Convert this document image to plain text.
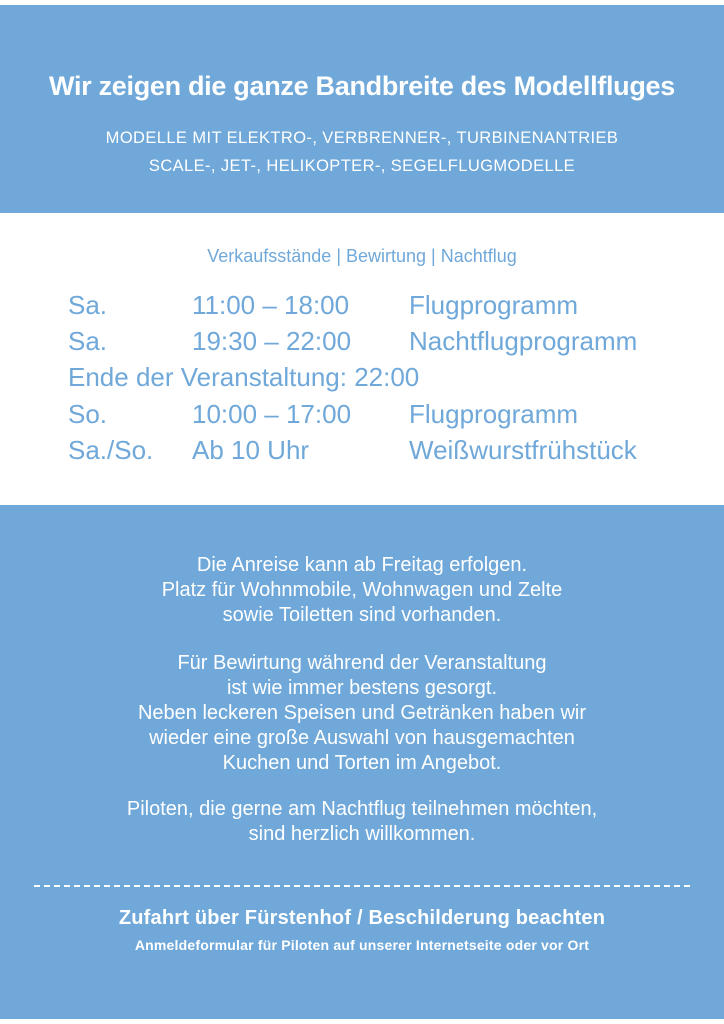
Wir zeigen die ganze Bandbreite des Modellfluges
MODELLE MIT ELEKTRO-, VERBRENNER-, TURBINENANTRIEB
SCALE-, JET-, HELIKOPTER-, SEGELFLUGMODELLE
Verkaufsstände | Bewirtung | Nachtflug
Sa.	11:00 – 18:00 Flugprogramm
Sa.	19:30 – 22:00 Nachtflugprogramm
Ende der Veranstaltung: 22:00
So.	10:00 – 17:00 Flugprogramm
Sa./So. Ab 10 Uhr	Weißwurstfrühstück

Die Anreise kann ab Freitag erfolgen.

Platz für Wohnmobile, Wohnwagen und Zelte

sowie Toiletten sind vorhanden.

Für Bewirtung während der Veranstaltung

ist wie immer bestens gesorgt.

Neben leckeren Speisen und Getränken haben wir

wieder eine große Auswahl von hausgemachten

Kuchen und Torten im Angebot.

Piloten, die gerne am Nachtflug teilnehmen möchten,

sind herzlich willkommen.

Zufahrt über Fürstenhof / Beschilderung beachten
Anmeldeformular für Piloten auf unserer Internetseite oder vor Ort
